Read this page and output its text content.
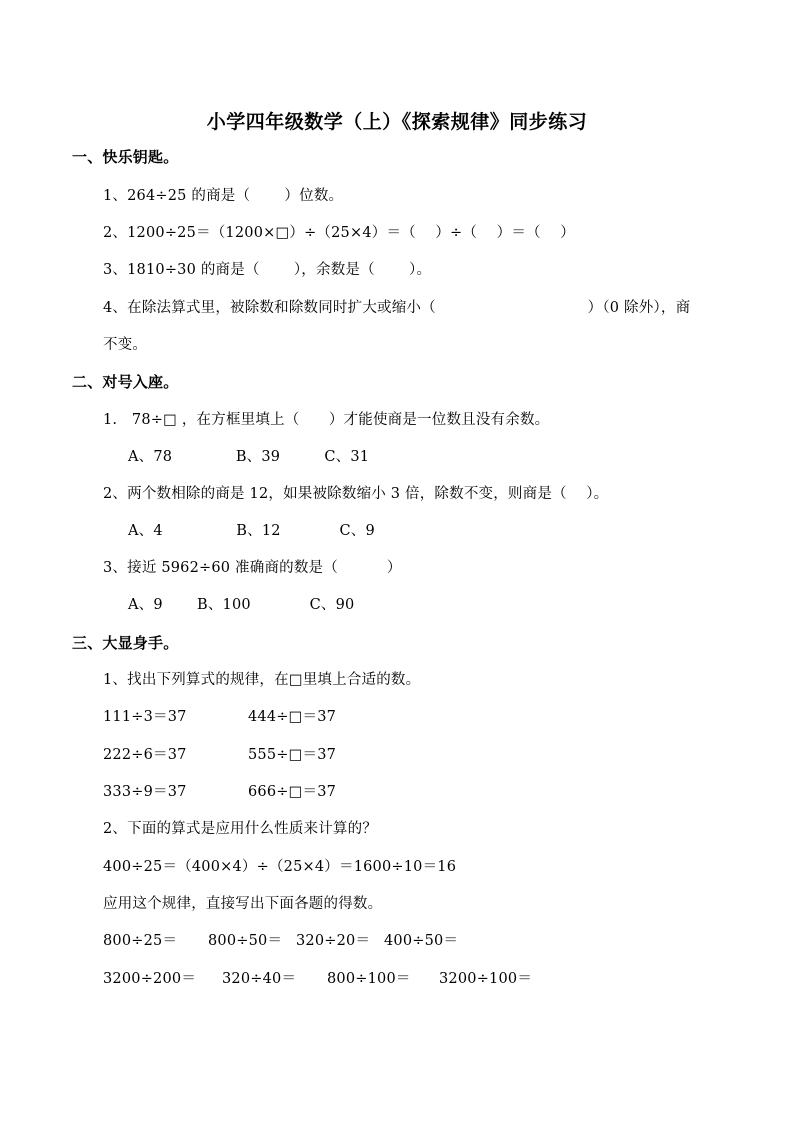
小学四年级数学（上）《探索规律》同步练习
一、快乐钥匙。
1、264÷25 的商是（　　 ）位数。
2、1200÷25＝（1200×□）÷（25×4）＝（　 ）÷（　 ）＝（　 ）
3、1810÷30 的商是（　　 ），余数是（　　 ）。
4、在除法算式里，被除数和除数同时扩大或缩小（　　　　　　　　　　 ）（0 除外），商
不变。
二、对号入座。
1.　78÷□ ，在方框里填上（　　）才能使商是一位数且没有余数。
A、78　　　　 B、39　　　C、31
2、两个数相除的商是 12，如果被除数缩小 3 倍，除数不变，则商是（　 ）。
A、4　　　　　B、12　　　　C、9
3、接近 5962÷60 准确商的数是（　　　 ）
A、9　　 B、100　　　　C、90
三、大显身手。
1、找出下列算式的规律，在□里填上合适的数。
111÷3＝37	444÷□＝37
222÷6＝37	555÷□＝37
333÷9＝37	666÷□＝37
2、下面的算式是应用什么性质来计算的？
400÷25＝（400×4）÷（25×4）＝1600÷10＝16
应用这个规律，直接写出下面各题的得数。
800÷25＝ 800÷50＝ 320÷20＝ 400÷50＝
3200÷200＝ 320÷40＝ 800÷100＝ 3200÷100＝
